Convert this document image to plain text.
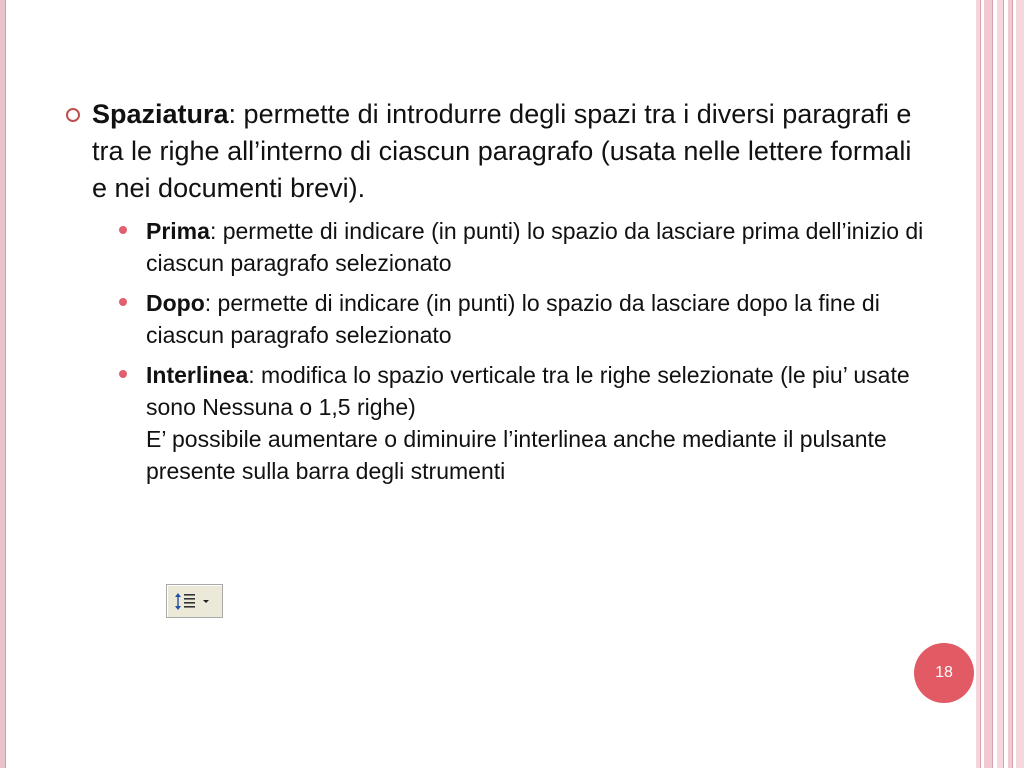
Spaziatura: permette di introdurre degli spazi tra i diversi paragrafi e tra le righe all’interno di ciascun paragrafo (usata nelle lettere formali e nei documenti brevi).
Prima: permette di indicare (in punti) lo spazio da lasciare prima dell’inizio di ciascun paragrafo selezionato
Dopo: permette di indicare (in punti) lo spazio da lasciare dopo la fine di ciascun paragrafo selezionato
Interlinea: modifica lo spazio verticale tra le righe selezionate (le piu’ usate sono Nessuna o 1,5 righe)
E’ possibile aumentare o diminuire l’interlinea anche mediante il pulsante presente sulla barra degli strumenti
18
